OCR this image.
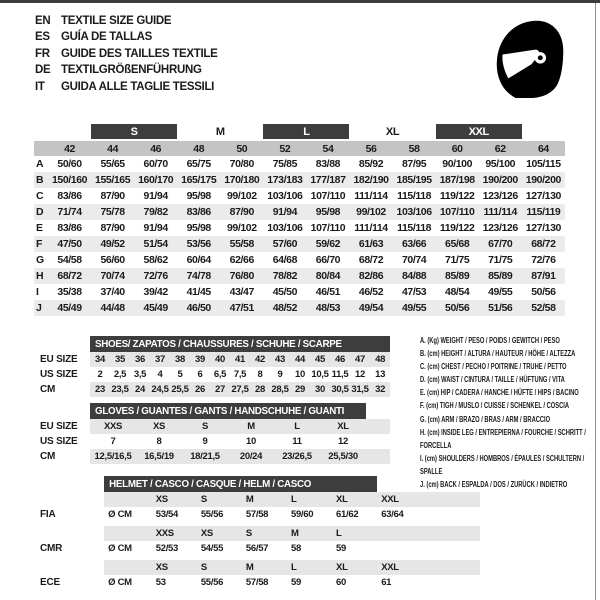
EN TEXTILE SIZE GUIDE
ES GUÍA DE TALLAS
FR GUIDE DES TAILLES TEXTILE
DE TEXTILGRÖßENFÜHRUNG
IT	GUIDA ALLE TAGLIE TESSILI
		S		M		L		XL		XXL		
	42	44	46	48	50	52	54	56	58	60	62	64
A	50/60	55/65	60/70	65/75	70/80	75/85	83/88	85/92	87/95	90/100	95/100	105/115
B	150/160	155/165	160/170	165/175	170/180	173/183	177/187	182/190	185/195	187/198	190/200	190/200
C	83/86	87/90	91/94	95/98	99/102	103/106	107/110	111/114	115/118	119/122	123/126	127/130
D	71/74	75/78	79/82	83/86	87/90	91/94	95/98	99/102	103/106	107/110	111/114	115/119
E	83/86	87/90	91/94	95/98	99/102	103/106	107/110	111/114	115/118	119/122	123/126	127/130
F	47/50	49/52	51/54	53/56	55/58	57/60	59/62	61/63	63/66	65/68	67/70	68/72
G	54/58	56/60	58/62	60/64	62/66	64/68	66/70	68/72	70/74	71/75	71/75	72/76
H	68/72	70/74	72/76	74/78	76/80	78/82	80/84	82/86	84/88	85/89	85/89	87/91
I	35/38	37/40	39/42	41/45	43/47	45/50	46/51	46/52	47/53	48/54	49/55	50/56
J	45/49	44/48	45/49	46/50	47/51	48/52	48/53	49/54	49/55	50/56	51/56	52/58
	SHOES/ ZAPATOS / CHAUSSURES / SCHUHE / SCARPE														
EU SIZE	34	35	36	37	38	39	40	41	42	43	44	45	46	47	48
US SIZE	2	2,5	3,5	4	5	6	6,5	7,5	8	9	10	10,5	11,5	12	13
CM	23	23,5	24	24,5	25,5	26	27	27,5	28	28,5	29	30	30,5	31,5	32
	GLOVES / GUANTES / GANTS / HANDSCHUHE / GUANTI						
EU SIZE	XXS	XS	S	M	L	XL	
US SIZE	7	8	9	10	11	12	
CM	12,5/16,5	16,5/19	18/21,5	20/24	23/26,5	25,5/30	
	HELMET / CASCO / CASQUE / HELM / CASCO							
		XS	S	M	L	XL	XXL	
FIA	Ø CM	53/54	55/56	57/58	59/60	61/62	63/64	

		XXS	XS	S	M	L		
CMR	Ø CM	52/53	54/55	56/57	58	59		

		XS	S	M	L	XL	XXL	
ECE	Ø CM	53	55/56	57/58	59	60	61	
A. (Kg) WEIGHT / PESO / POIDS / GEWITCH / PESO
B. (cm) HEIGHT / ALTURA / HAUTEUR / HÖHE / ALTEZZA
C. (cm) CHEST / PECHO / POITRINE / TRUHE / PETTO
D. (cm) WAIST / CINTURA / TAILLE / HÜFTUNG / VITA
E. (cm) HIP / CADERA / HANCHE / HÜFTE / HIPS / BACINO
F. (cm) TIGH / MUSLO / CUISSE / SCHENKEL / COSCIA
G. (cm) ARM / BRAZO / BRAS / ARM / BRACCIO
H. (cm) INSIDE LEG / ENTREPIERNA / FOURCHE / SCHRITT / FORCELLA
I. (cm) SHOULDERS / HOMBROS / ÉPAULES / SCHULTERN / SPALLE
J. (cm) BACK / ESPALDA / DOS / ZURÜCK / INDIETRO
